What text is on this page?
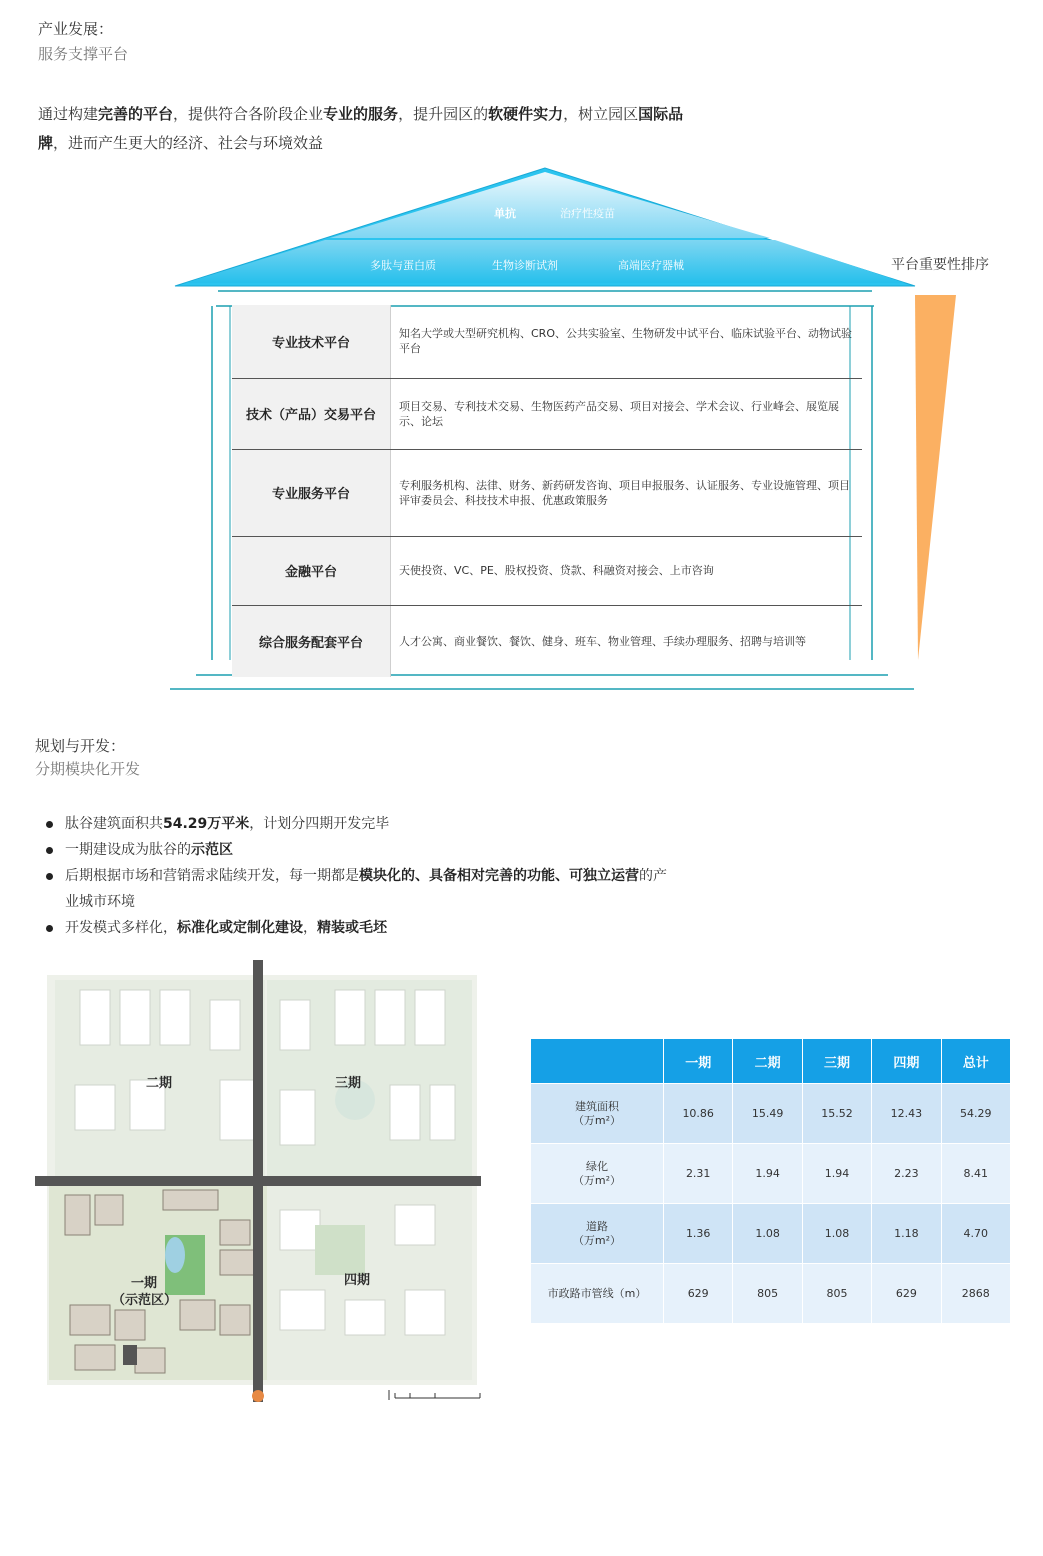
产业发展：
服务支撑平台
通过构建完善的平台，提供符合各阶段企业专业的服务，提升园区的软硬件实力，树立园区国际品牌，进而产生更大的经济、社会与环境效益
单抗	治疗性疫苗
多肽与蛋白质	生物诊断试剂	高端医疗器械	平台重要性排序
专业技术平台	知名大学或大型研究机构、CRO、公共实验室、生物研发中试平台、临床试验平台、动物试验平台
技术（产品）交易平台	项目交易、专利技术交易、生物医药产品交易、项目对接会、学术会议、行业峰会、展览展示、论坛
专业服务平台	专利服务机构、法律、财务、新药研发咨询、项目申报服务、认证服务、专业设施管理、项目评审委员会、科技技术申报、优惠政策服务
金融平台	天使投资、VC、PE、股权投资、贷款、科融资对接会、上市咨询
综合服务配套平台	人才公寓、商业餐饮、餐饮、健身、班车、物业管理、手续办理服务、招聘与培训等
规划与开发：
分期模块化开发
肽谷建筑面积共54.29万平米，计划分四期开发完毕
一期建设成为肽谷的示范区
后期根据市场和营销需求陆续开发，每一期都是模块化的、具备相对完善的功能、可独立运营的产业城市环境
开发模式多样化，标准化或定制化建设，精装或毛坯
二期	三期
一期
（示范区）
四期
	一期	二期	三期	四期	总计
建筑面积
（万m²）	10.86	15.49	15.52	12.43	54.29
绿化
（万m²）	2.31	1.94	1.94	2.23	8.41
道路
（万m²）	1.36	1.08	1.08	1.18	4.70
市政路市管线（m）	629	805	805	629	2868
